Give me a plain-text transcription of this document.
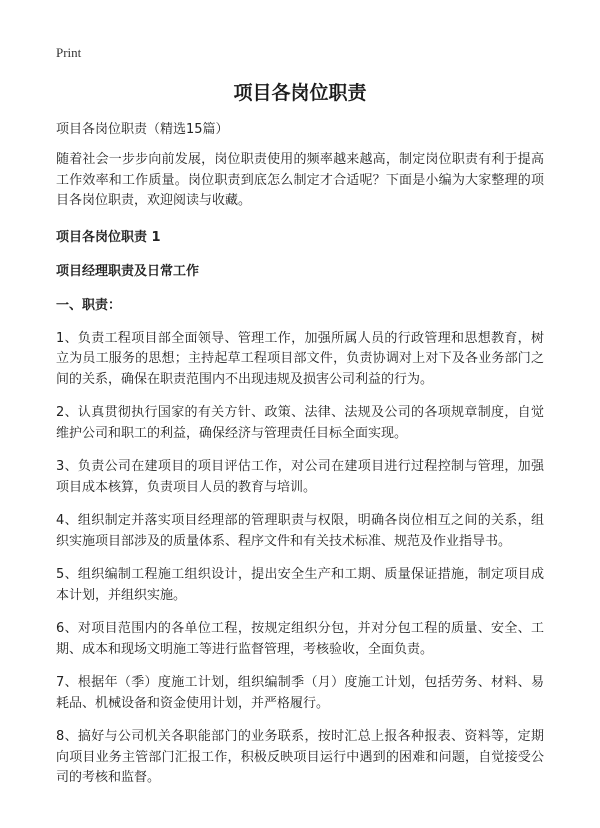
Print

项目各岗位职责

项目各岗位职责（精选15篇）

随着社会一步步向前发展，岗位职责使用的频率越来越高，制定岗位职责有利于提高工作效率和工作质量。岗位职责到底怎么制定才合适呢？下面是小编为大家整理的项目各岗位职责，欢迎阅读与收藏。

项目各岗位职责 1

项目经理职责及日常工作

一、职责：

1、负责工程项目部全面领导、管理工作，加强所属人员的行政管理和思想教育，树立为员工服务的思想；主持起草工程项目部文件，负责协调对上对下及各业务部门之间的关系，确保在职责范围内不出现违规及损害公司利益的行为。

2、认真贯彻执行国家的有关方针、政策、法律、法规及公司的各项规章制度，自觉维护公司和职工的利益，确保经济与管理责任目标全面实现。

3、负责公司在建项目的项目评估工作，对公司在建项目进行过程控制与管理，加强项目成本核算，负责项目人员的教育与培训。

4、组织制定并落实项目经理部的管理职责与权限，明确各岗位相互之间的关系，组织实施项目部涉及的质量体系、程序文件和有关技术标准、规范及作业指导书。

5、组织编制工程施工组织设计，提出安全生产和工期、质量保证措施，制定项目成本计划，并组织实施。

6、对项目范围内的各单位工程，按规定组织分包，并对分包工程的质量、安全、工期、成本和现场文明施工等进行监督管理，考核验收，全面负责。

7、根据年（季）度施工计划，组织编制季（月）度施工计划，包括劳务、材料、易耗品、机械设备和资金使用计划，并严格履行。

8、搞好与公司机关各职能部门的业务联系，按时汇总上报各种报表、资料等，定期向项目业务主管部门汇报工作，积极反映项目运行中遇到的困难和问题，自觉接受公司的考核和监督。
